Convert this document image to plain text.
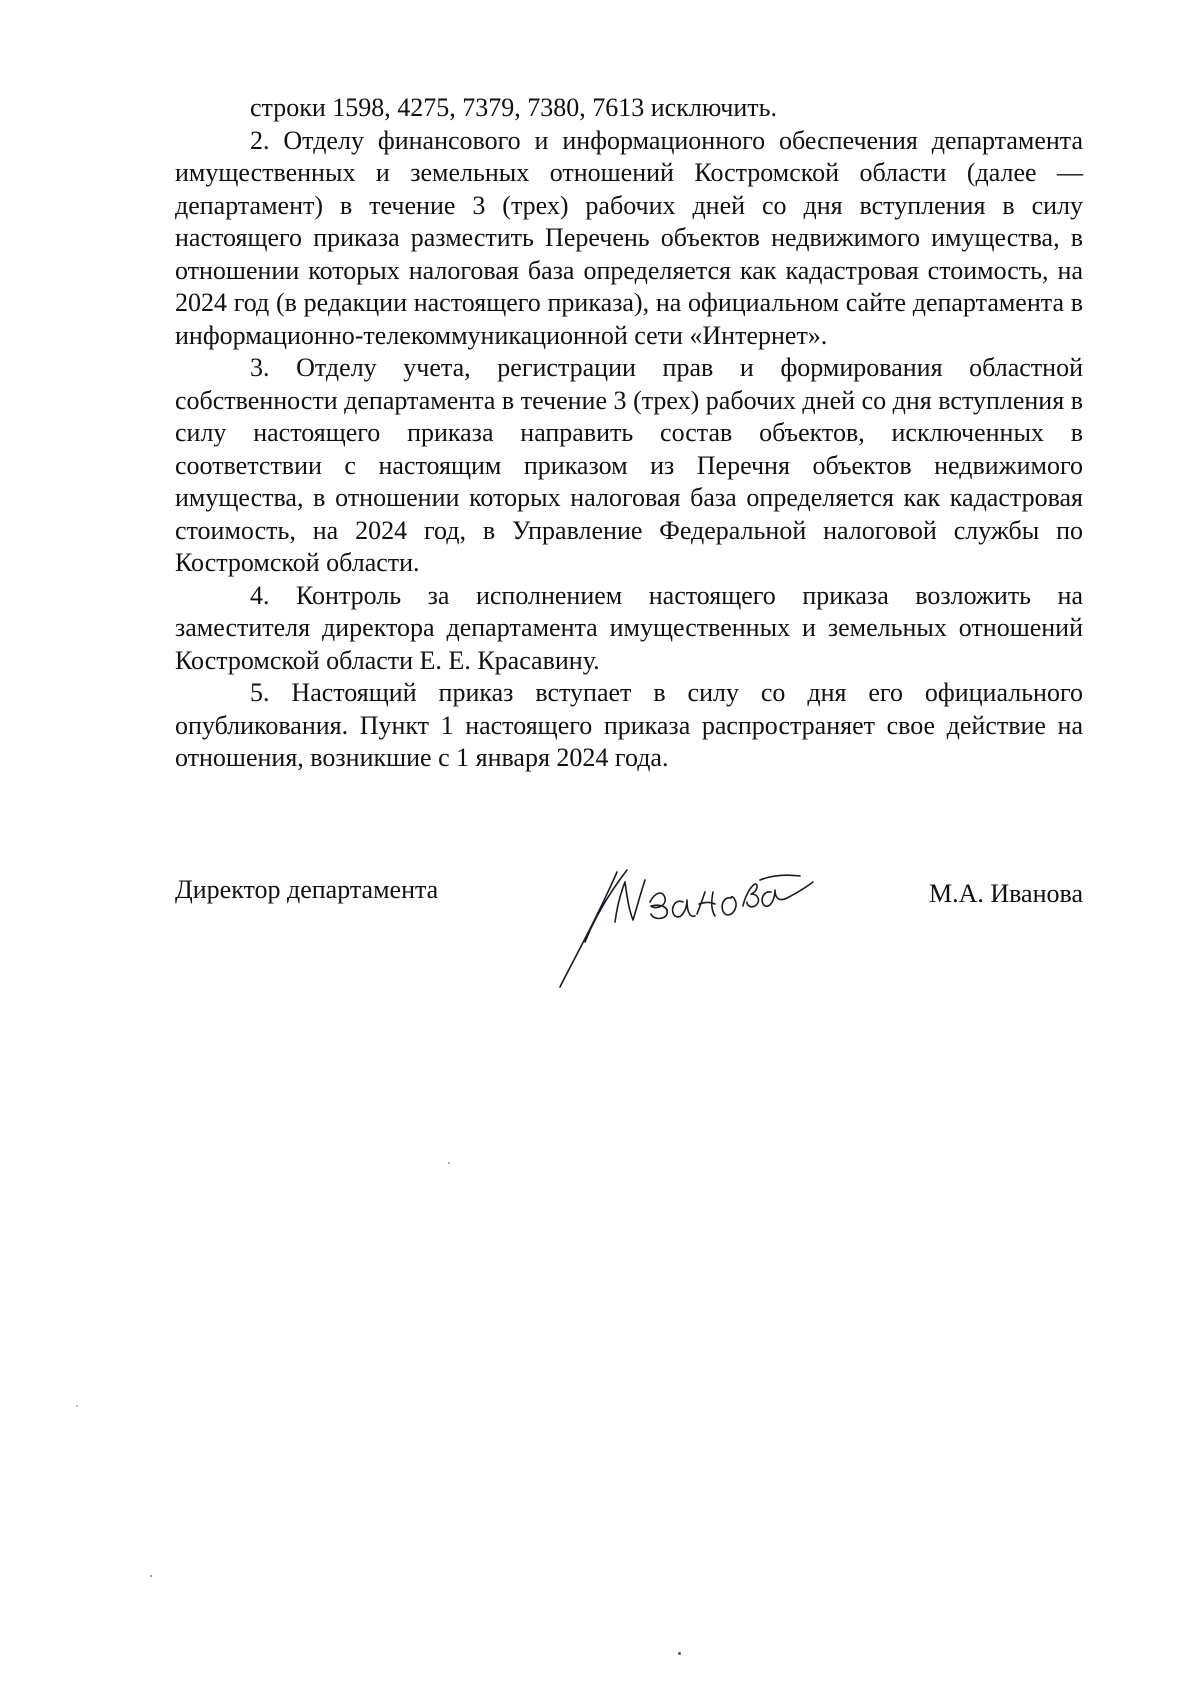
строки 1598, 4275, 7379, 7380, 7613 исключить.

2. Отделу финансового и информационного обеспечения департамента имущественных и земельных отношений Костромской области (далее — департамент) в течение 3 (трех) рабочих дней со дня вступления в силу настоящего приказа разместить Перечень объектов недвижимого имущества, в отношении которых налоговая база определяется как кадастровая стоимость, на 2024 год (в редакции настоящего приказа), на официальном сайте департамента в информационно-телекоммуникационной сети «Интернет».

3. Отделу учета, регистрации прав и формирования областной собственности департамента в течение 3 (трех) рабочих дней со дня вступления в силу настоящего приказа направить состав объектов, исключенных в соответствии с настоящим приказом из Перечня объектов недвижимого имущества, в отношении которых налоговая база определяется как кадастровая стоимость, на 2024 год, в Управление Федеральной налоговой службы по Костромской области.

4. Контроль за исполнением настоящего приказа возложить на заместителя директора департамента имущественных и земельных отношений Костромской области Е. Е. Красавину.

5. Настоящий приказ вступает в силу со дня его официального опубликования. Пункт 1 настоящего приказа распространяет свое действие на отношения, возникшие с 1 января 2024 года.

Директор департамента	М.А. Иванова
